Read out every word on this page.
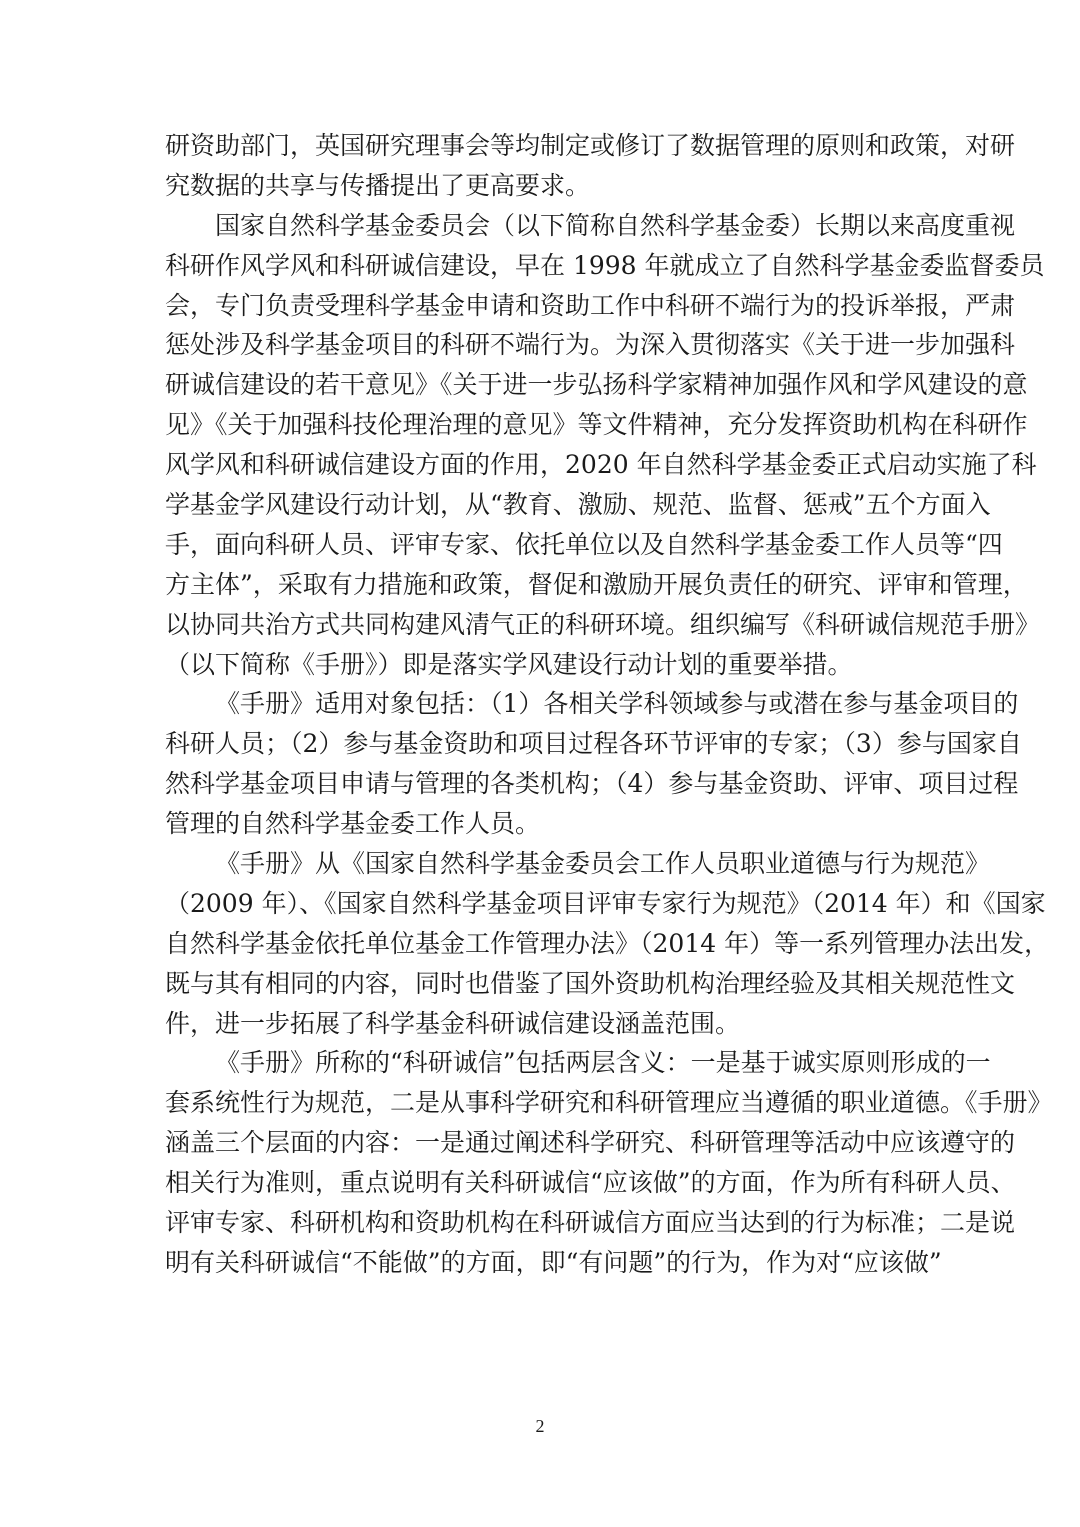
研资助部门，英国研究理事会等均制定或修订了数据管理的原则和政策，对研
究数据的共享与传播提出了更高要求。
国家自然科学基金委员会（以下简称自然科学基金委）长期以来高度重视
科研作风学风和科研诚信建设，早在 1998 年就成立了自然科学基金委监督委员
会，专门负责受理科学基金申请和资助工作中科研不端行为的投诉举报，严肃
惩处涉及科学基金项目的科研不端行为。为深入贯彻落实《关于进一步加强科
研诚信建设的若干意见》《关于进一步弘扬科学家精神加强作风和学风建设的意
见》《关于加强科技伦理治理的意见》等文件精神，充分发挥资助机构在科研作
风学风和科研诚信建设方面的作用，2020 年自然科学基金委正式启动实施了科
学基金学风建设行动计划，从“教育、激励、规范、监督、惩戒”五个方面入
手，面向科研人员、评审专家、依托单位以及自然科学基金委工作人员等“四
方主体”，采取有力措施和政策，督促和激励开展负责任的研究、评审和管理，
以协同共治方式共同构建风清气正的科研环境。组织编写《科研诚信规范手册》
（以下简称《手册》）即是落实学风建设行动计划的重要举措。
《手册》适用对象包括：（1）各相关学科领域参与或潜在参与基金项目的
科研人员；（2）参与基金资助和项目过程各环节评审的专家；（3）参与国家自
然科学基金项目申请与管理的各类机构；（4）参与基金资助、评审、项目过程
管理的自然科学基金委工作人员。
《手册》从《国家自然科学基金委员会工作人员职业道德与行为规范》
（2009 年）、《国家自然科学基金项目评审专家行为规范》（2014 年）和《国家
自然科学基金依托单位基金工作管理办法》（2014 年）等一系列管理办法出发，
既与其有相同的内容，同时也借鉴了国外资助机构治理经验及其相关规范性文
件，进一步拓展了科学基金科研诚信建设涵盖范围。
《手册》所称的“科研诚信”包括两层含义：一是基于诚实原则形成的一
套系统性行为规范，二是从事科学研究和科研管理应当遵循的职业道德。《手册》
涵盖三个层面的内容：一是通过阐述科学研究、科研管理等活动中应该遵守的
相关行为准则，重点说明有关科研诚信“应该做”的方面，作为所有科研人员、
评审专家、科研机构和资助机构在科研诚信方面应当达到的行为标准；二是说
明有关科研诚信“不能做”的方面，即“有问题”的行为，作为对“应该做”
2
